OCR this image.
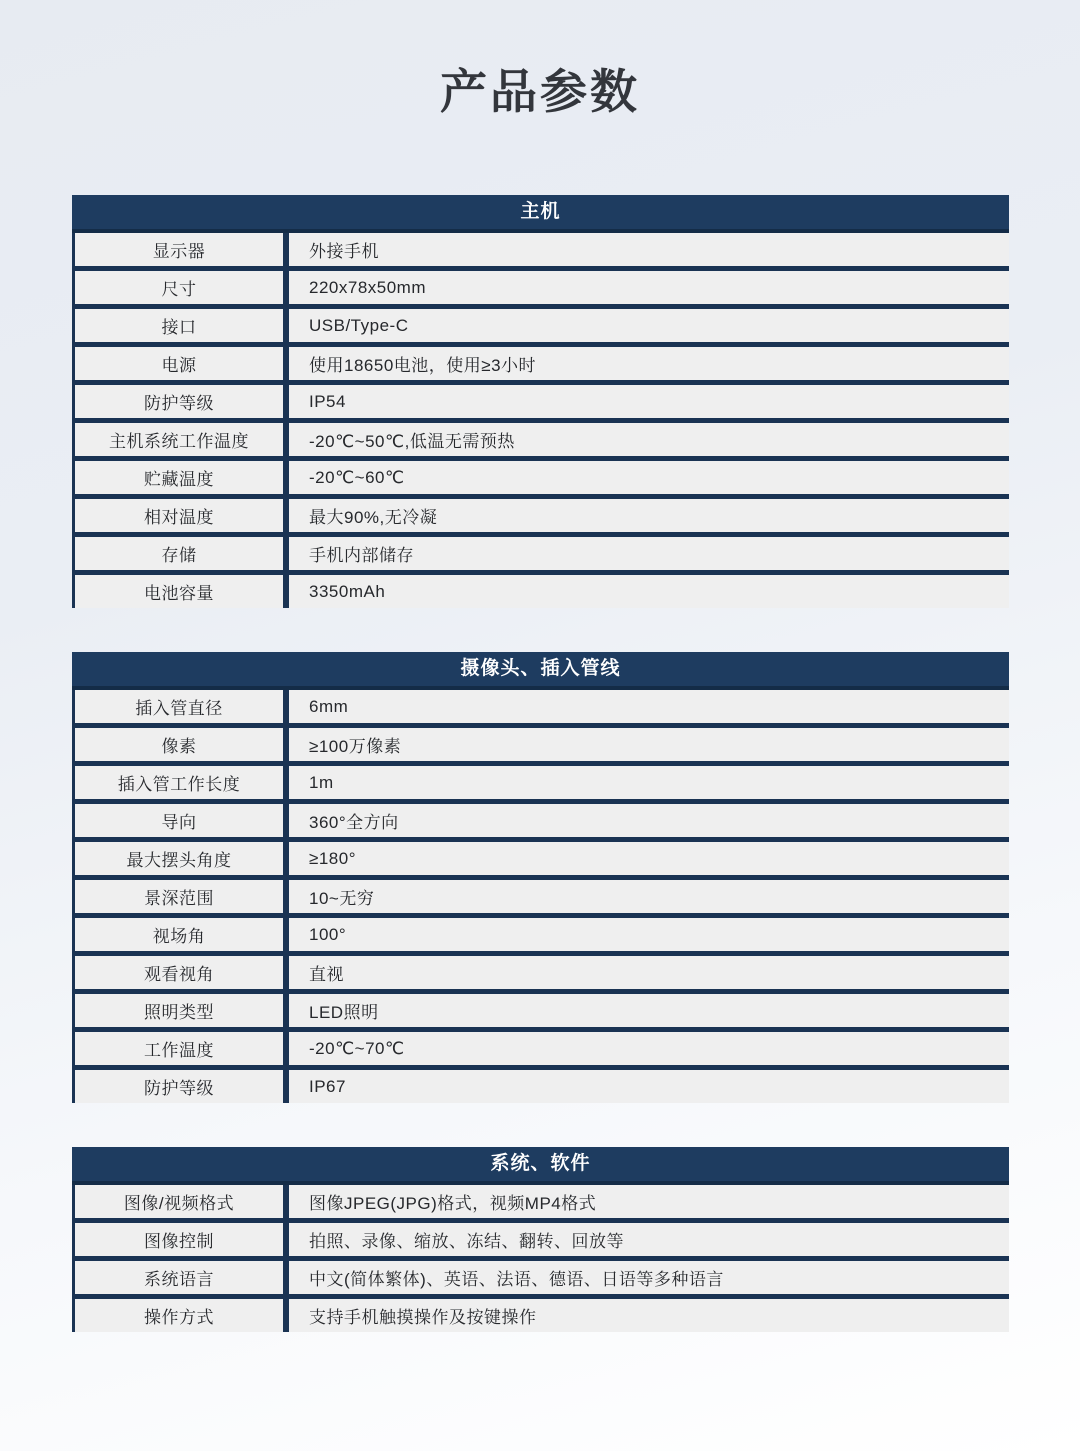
产品参数
主机
显示器	外接手机
尺寸	220x78x50mm
接口	USB/Type-C
电源	使用18650电池，使用≥3小时
防护等级	IP54
主机系统工作温度	-20℃~50℃,低温无需预热
贮藏温度	-20℃~60℃
相对温度	最大90%,无冷凝
存储	手机内部储存
电池容量	3350mAh
摄像头、插入管线
插入管直径	6mm
像素	≥100万像素
插入管工作长度	1m
导向	360°全方向
最大摆头角度	≥180°
景深范围	10~无穷
视场角	100°
观看视角	直视
照明类型	LED照明
工作温度	-20℃~70℃
防护等级	IP67
系统、软件
图像/视频格式	图像JPEG(JPG)格式，视频MP4格式
图像控制	拍照、录像、缩放、冻结、翻转、回放等
系统语言	中文(简体繁体)、英语、法语、德语、日语等多种语言
操作方式	支持手机触摸操作及按键操作
